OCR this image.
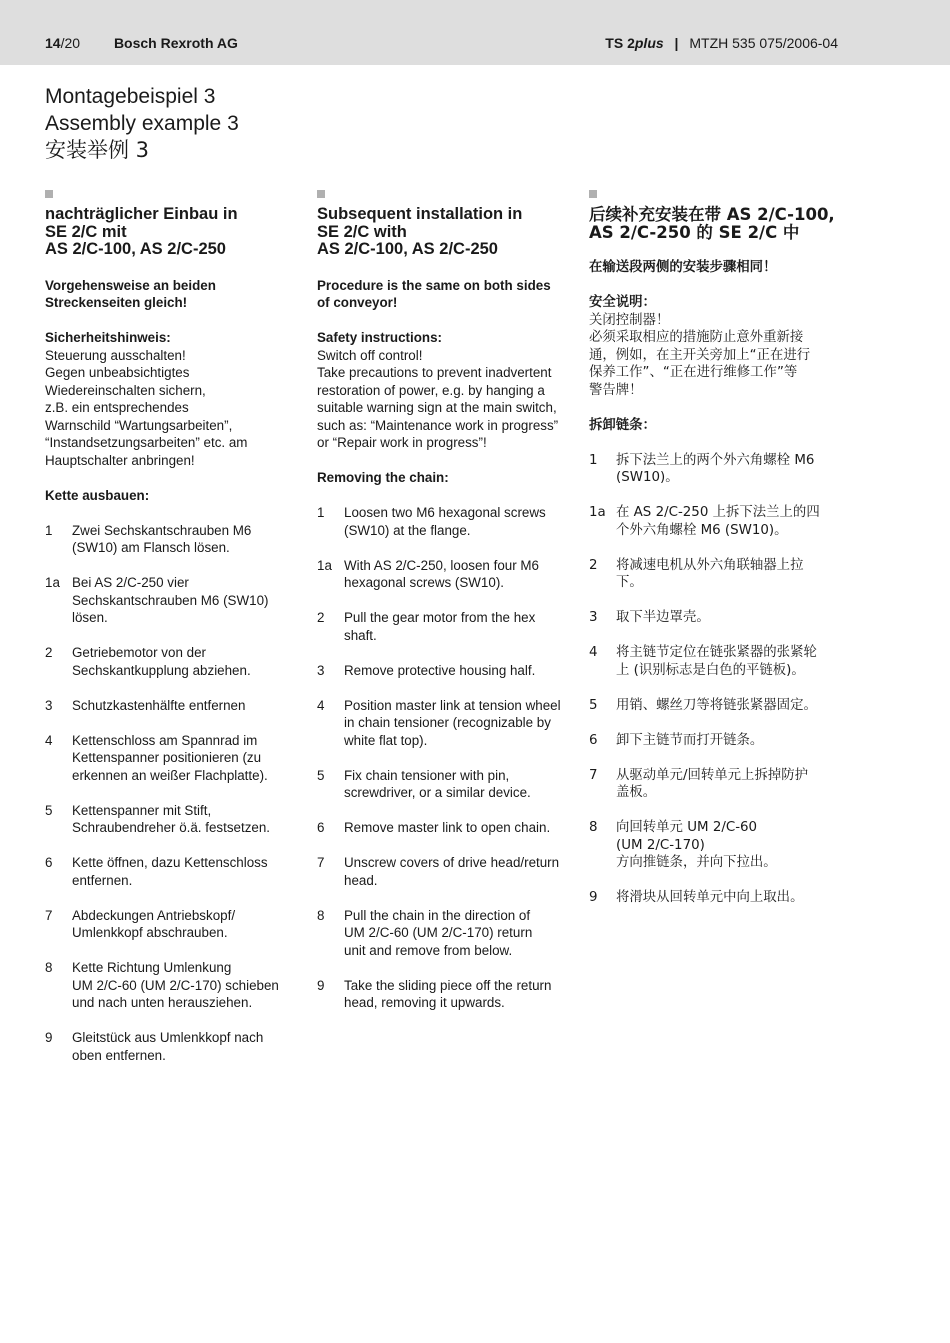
14/20 Bosch Rexroth AG	TS 2plus | MTZH 535 075/2006-04
Montagebeispiel 3
Assembly example 3
安装举例 3
nachträglicher Einbau in
SE 2/C mit
AS 2/C-100, AS 2/C-250
Vorgehensweise an beiden
Streckenseiten gleich!
Sicherheitshinweis:
Steuerung ausschalten!
Gegen unbeabsichtigtes
Wiedereinschalten sichern,
z.B. ein entsprechendes
Warnschild “Wartungsarbeiten”,
“Instandsetzungsarbeiten” etc. am
Hauptschalter anbringen!
Kette ausbauen:
1 Zwei Sechskantschrauben M6
(SW10) am Flansch lösen.
1a Bei AS 2/C-250 vier
Sechskantschrauben M6 (SW10)
lösen.
2 Getriebemotor von der
Sechskantkupplung abziehen.
3 Schutzkastenhälfte entfernen
4 Kettenschloss am Spannrad im
Kettenspanner positionieren (zu
erkennen an weißer Flachplatte).
5 Kettenspanner mit Stift,
Schraubendreher ö.ä. festsetzen.
6 Kette öffnen, dazu Kettenschloss
entfernen.
7 Abdeckungen Antriebskopf/
Umlenkkopf abschrauben.
8 Kette Richtung Umlenkung
UM 2/C-60 (UM 2/C-170) schieben
und nach unten herausziehen.
9 Gleitstück aus Umlenkkopf nach
oben entfernen.
Subsequent installation in
SE 2/C with
AS 2/C-100, AS 2/C-250
Procedure is the same on both sides
of conveyor!
Safety instructions:
Switch off control!
Take precautions to prevent inadvertent
restoration of power, e.g. by hanging a
suitable warning sign at the main switch,
such as: “Maintenance work in progress”
or “Repair work in progress”!
Removing the chain:
1 Loosen two M6 hexagonal screws
(SW10) at the flange.
1a With AS 2/C-250, loosen four M6
hexagonal screws (SW10).
2 Pull the gear motor from the hex
shaft.
3 Remove protective housing half.
4 Position master link at tension wheel
in chain tensioner (recognizable by
white flat top).
5 Fix chain tensioner with pin,
screwdriver, or a similar device.
6 Remove master link to open chain.
7 Unscrew covers of drive head/return
head.
8 Pull the chain in the direction of
UM 2/C-60 (UM 2/C-170) return
unit and remove from below.
9 Take the sliding piece off the return
head, removing it upwards.
后续补充安装在带 AS 2/C-100,
AS 2/C-250 的 SE 2/C 中
在输送段两侧的安装步骤相同！
安全说明：
关闭控制器！
必须采取相应的措施防止意外重新接
通，例如，在主开关旁加上“正在进行
保养工作”、“正在进行维修工作”等
警告牌！
拆卸链条：
1 拆下法兰上的两个外六角螺栓 M6
(SW10)。
1a 在 AS 2/C-250 上拆下法兰上的四
个外六角螺栓 M6 (SW10)。
2 将减速电机从外六角联轴器上拉
下。
3 取下半边罩壳。
4 将主链节定位在链张紧器的张紧轮
上 (识别标志是白色的平链板)。
5 用销、螺丝刀等将链张紧器固定。
6 卸下主链节而打开链条。
7 从驱动单元/回转单元上拆掉防护
盖板。
8 向回转单元 UM 2/C-60
(UM 2/C-170)
方向推链条，并向下拉出。
9 将滑块从回转单元中向上取出。
